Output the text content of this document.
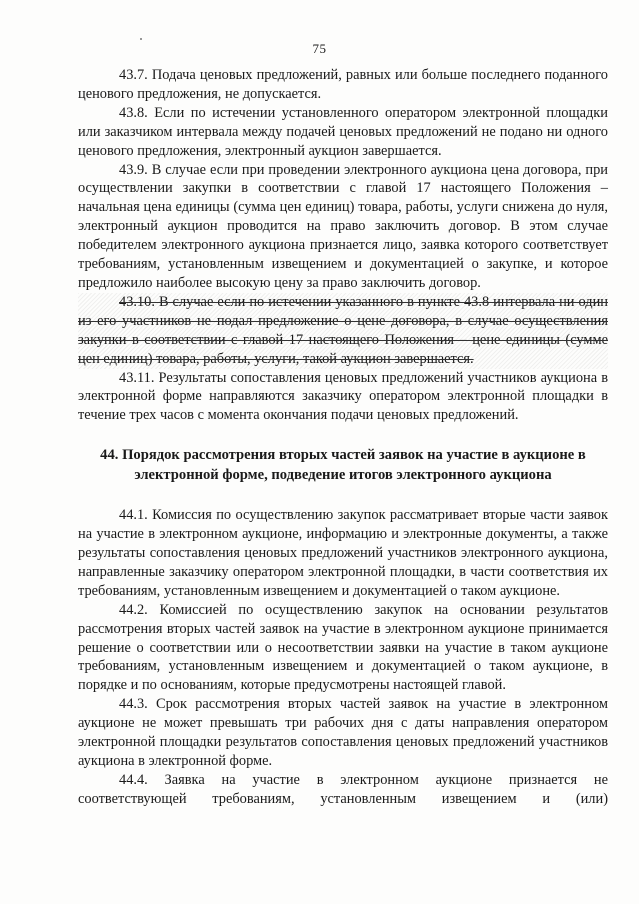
75

43.7. Подача ценовых предложений, равных или больше последнего поданного ценового предложения, не допускается.

43.8. Если по истечении установленного оператором электронной площадки или заказчиком интервала между подачей ценовых предложений не подано ни одного ценового предложения, электронный аукцион завершается.

43.9. В случае если при проведении электронного аукциона цена договора, при осуществлении закупки в соответствии с главой 17 настоящего Положения – начальная цена единицы (сумма цен единиц) товара, работы, услуги снижена до нуля, электронный аукцион проводится на право заключить договор. В этом случае победителем электронного аукциона признается лицо, заявка которого соответствует требованиям, установленным извещением и документацией о закупке, и которое предложило наиболее высокую цену за право заключить договор.

43.10. В случае если по истечении указанного в пункте 43.8 интервала ни один из его участников не подал предложение о цене договора, в случае осуществления закупки в соответствии с главой 17 настоящего Положения – цене единицы (сумме цен единиц) товара, работы, услуги, такой аукцион завершается.

43.11. Результаты сопоставления ценовых предложений участников аукциона в электронной форме направляются заказчику оператором электронной площадки в течение трех часов с момента окончания подачи ценовых предложений.

44. Порядок рассмотрения вторых частей заявок на участие в аукционе в электронной форме, подведение итогов электронного аукциона

44.1. Комиссия по осуществлению закупок рассматривает вторые части заявок на участие в электронном аукционе, информацию и электронные документы, а также результаты сопоставления ценовых предложений участников электронного аукциона, направленные заказчику оператором электронной площадки, в части соответствия их требованиям, установленным извещением и документацией о таком аукционе.

44.2. Комиссией по осуществлению закупок на основании результатов рассмотрения вторых частей заявок на участие в электронном аукционе принимается решение о соответствии или о несоответствии заявки на участие в таком аукционе требованиям, установленным извещением и документацией о таком аукционе, в порядке и по основаниям, которые предусмотрены настоящей главой.

44.3. Срок рассмотрения вторых частей заявок на участие в электронном аукционе не может превышать три рабочих дня с даты направления оператором электронной площадки результатов сопоставления ценовых предложений участников аукциона в электронной форме.

44.4. Заявка на участие в электронном аукционе признается не соответствующей требованиям, установленным извещением и (или)
